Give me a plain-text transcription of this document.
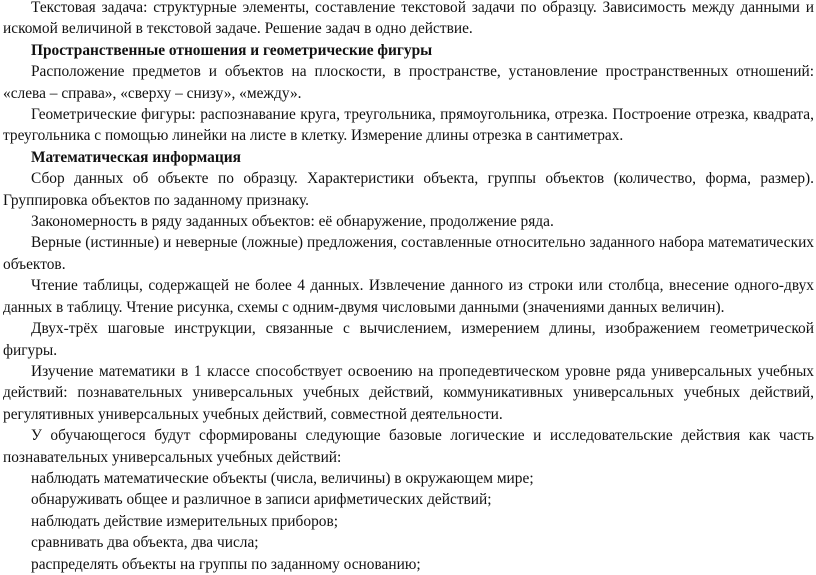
Текстовая задача: структурные элементы, составление текстовой задачи по образцу. Зависимость между данными и искомой величиной в текстовой задаче. Решение задач в одно действие.

Пространственные отношения и геометрические фигуры

Расположение предметов и объектов на плоскости, в пространстве, установление пространственных отношений: «слева – справа», «сверху – снизу», «между».

Геометрические фигуры: распознавание круга, треугольника, прямоугольника, отрезка. Построение отрезка, квадрата, треугольника с помощью линейки на листе в клетку. Измерение длины отрезка в сантиметрах.

Математическая информация

Сбор данных об объекте по образцу. Характеристики объекта, группы объектов (количество, форма, размер). Группировка объектов по заданному признаку.

Закономерность в ряду заданных объектов: её обнаружение, продолжение ряда.

Верные (истинные) и неверные (ложные) предложения, составленные относительно заданного набора математических объектов.

Чтение таблицы, содержащей не более 4 данных. Извлечение данного из строки или столбца, внесение одного-двух данных в таблицу. Чтение рисунка, схемы с одним-двумя числовыми данными (значениями данных величин).

Двух-трёх шаговые инструкции, связанные с вычислением, измерением длины, изображением геометрической фигуры.

Изучение математики в 1 классе способствует освоению на пропедевтическом уровне ряда универсальных учебных действий: познавательных универсальных учебных действий, коммуникативных универсальных учебных действий, регулятивных универсальных учебных действий, совместной деятельности.

У обучающегося будут сформированы следующие базовые логические и исследовательские действия как часть познавательных универсальных учебных действий:

наблюдать математические объекты (числа, величины) в окружающем мире;
обнаруживать общее и различное в записи арифметических действий;
наблюдать действие измерительных приборов;
сравнивать два объекта, два числа;
распределять объекты на группы по заданному основанию;
